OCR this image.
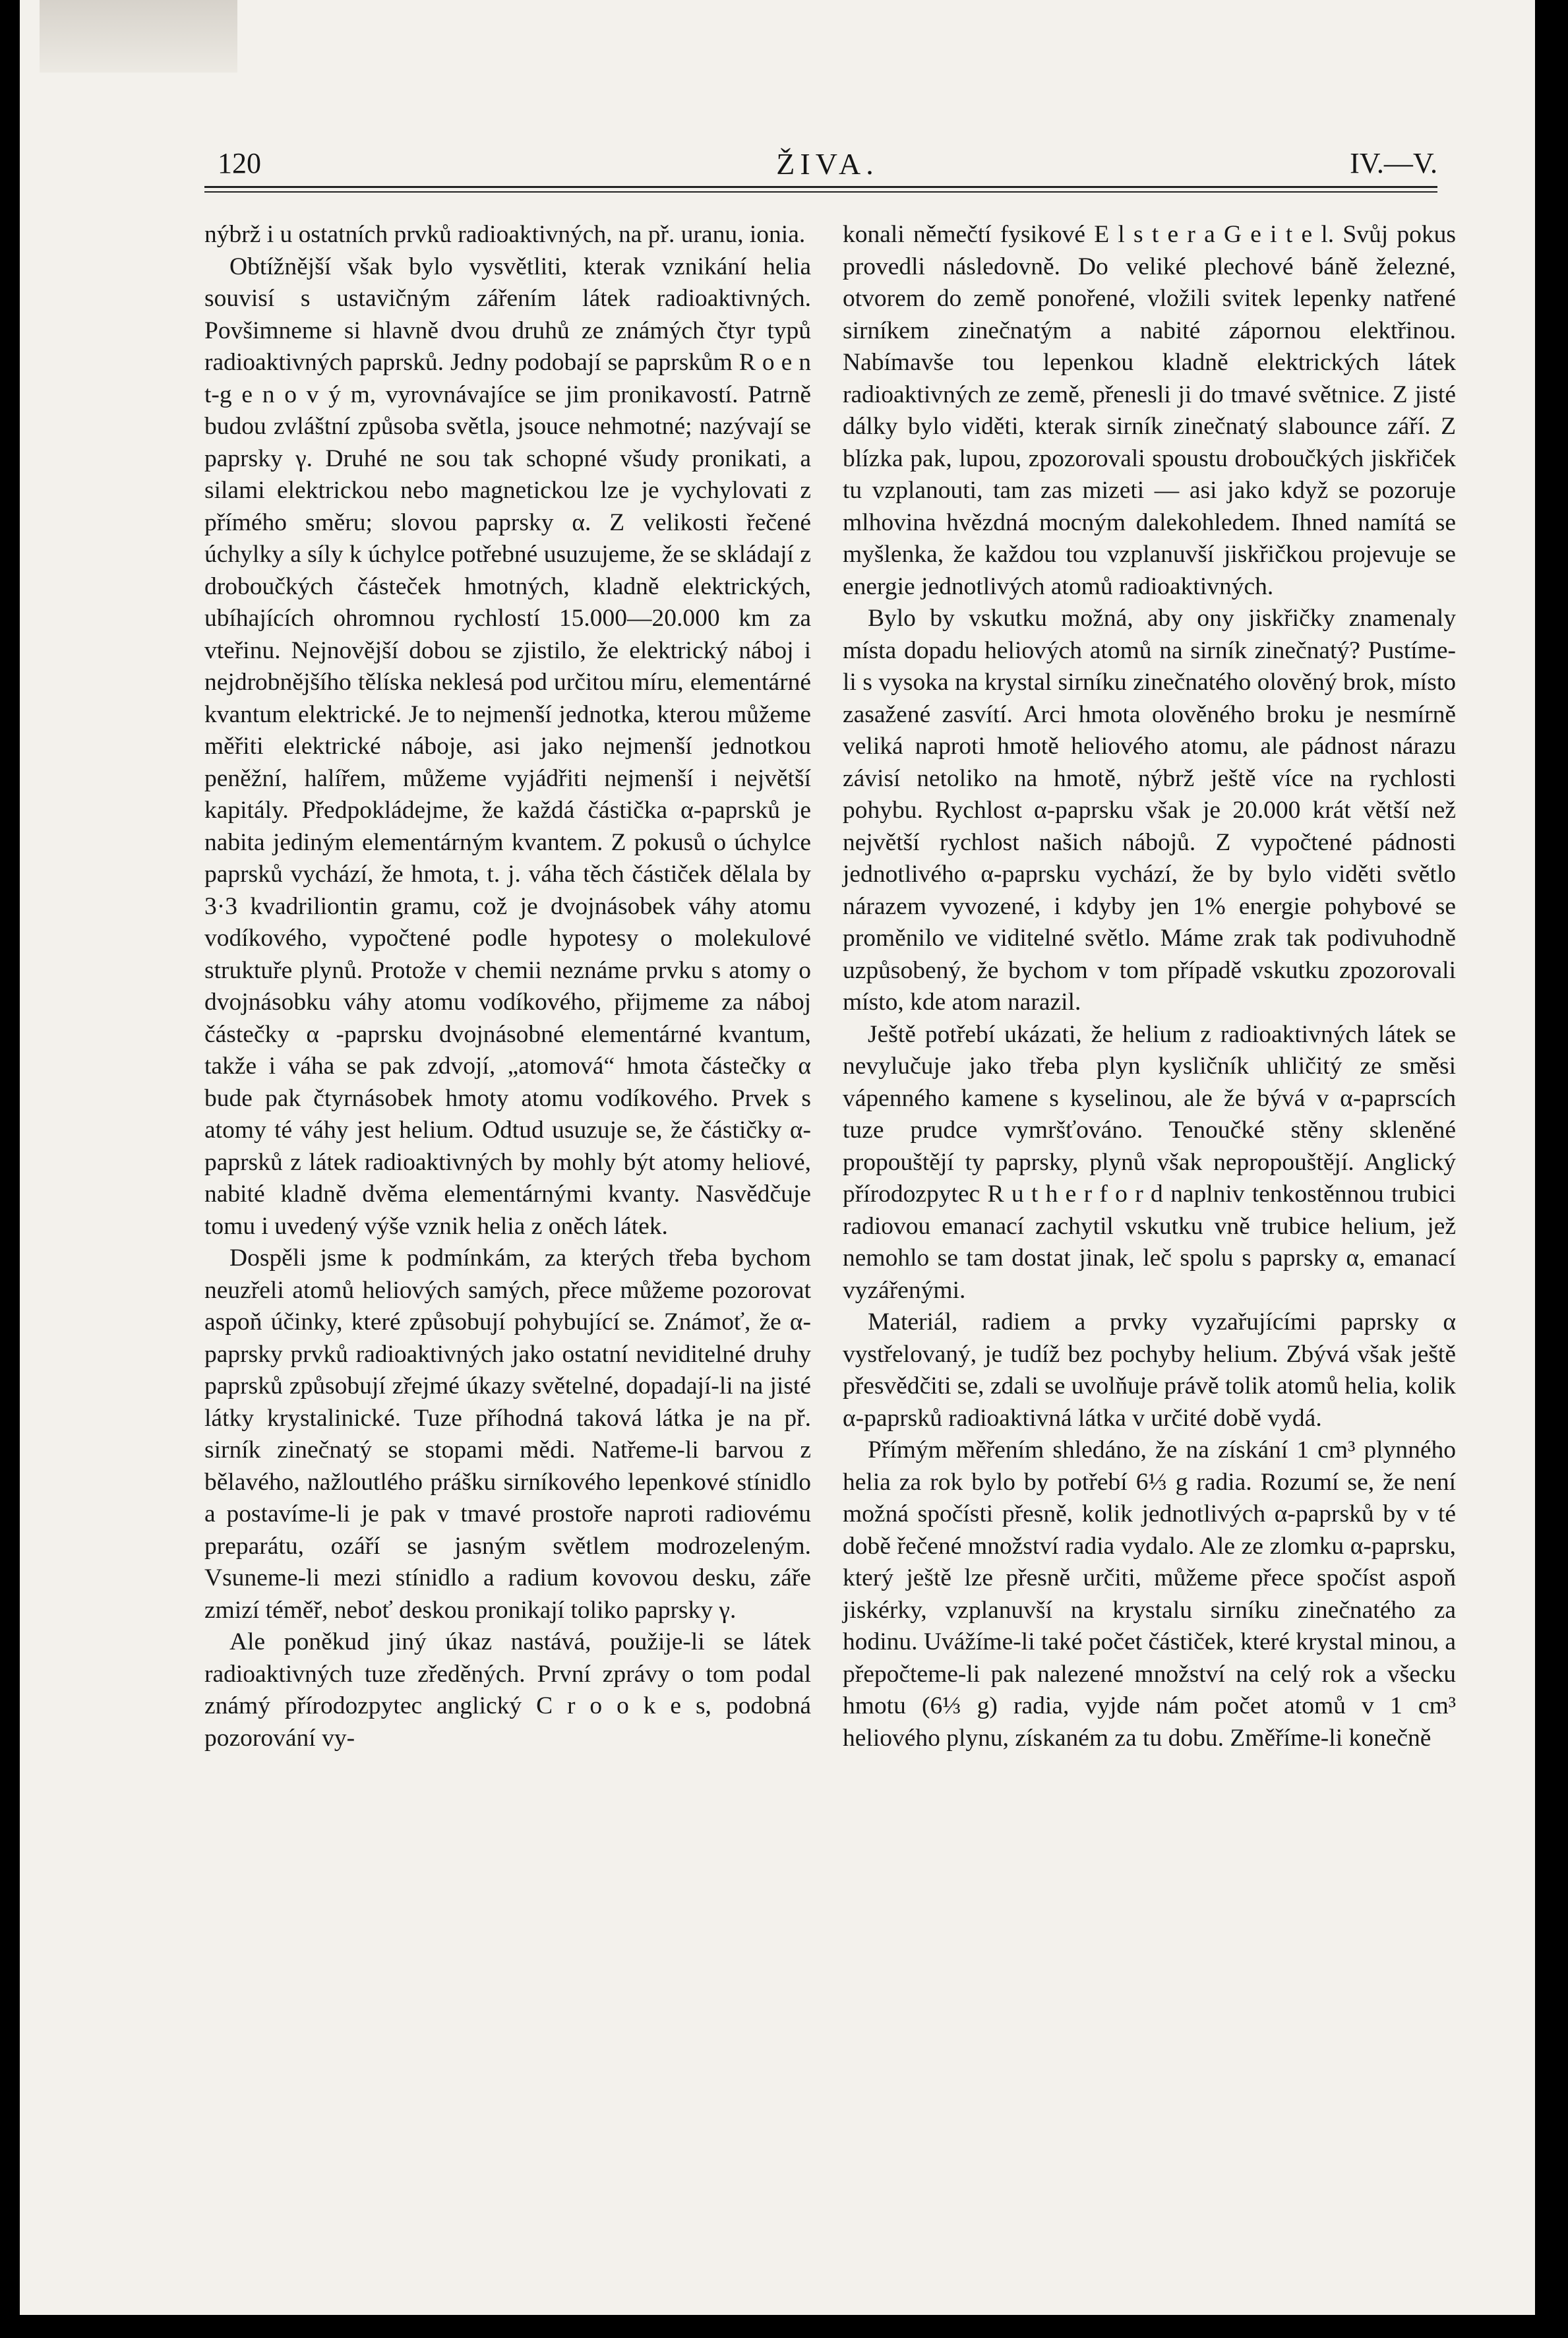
120	ŽIVA.	IV.—V.

nýbrž i u ostatních prvků radioaktivných, na př. uranu, ionia.

Obtížnější však bylo vysvětliti, kterak vznikání helia souvisí s ustavičným zářením látek radioaktivných. Povšimneme si hlavně dvou druhů ze známých čtyr typů radioaktivných paprsků. Jedny podobají se paprskům R o e n t-g e n o v ý m, vyrovnávajíce se jim pronikavostí. Patrně budou zvláštní způsoba světla, jsouce nehmotné; nazývají se paprsky γ. Druhé ne sou tak schopné všudy pronikati, a silami elektrickou nebo magnetickou lze je vychylovati z přímého směru; slovou paprsky α. Z velikosti řečené úchylky a síly k úchylce potřebné usuzujeme, že se skládají z droboučkých částeček hmotných, kladně elektrických, ubíhajících ohromnou rychlostí 15.000—20.000 km za vteřinu. Nejnovější dobou se zjistilo, že elektrický náboj i nejdrobnějšího tělíska neklesá pod určitou míru, elementárné kvantum elektrické. Je to nejmenší jednotka, kterou můžeme měřiti elektrické náboje, asi jako nejmenší jednotkou peněžní, halířem, můžeme vyjádřiti nejmenší i největší kapitály. Předpokládejme, že každá částička α-paprsků je nabita jediným elementárným kvantem. Z pokusů o úchylce paprsků vychází, že hmota, t. j. váha těch částiček dělala by 3·3 kvadriliontin gramu, což je dvojnásobek váhy atomu vodíkového, vypočtené podle hypotesy o molekulové struktuře plynů. Protože v chemii neznáme prvku s atomy o dvojnásobku váhy atomu vodíkového, přijmeme za náboj částečky α -paprsku dvojnásobné elementárné kvantum, takže i váha se pak zdvojí, „atomová“ hmota částečky α bude pak čtyrnásobek hmoty atomu vodíkového. Prvek s atomy té váhy jest helium. Odtud usuzuje se, že částičky α-paprsků z látek radioaktivných by mohly být atomy heliové, nabité kladně dvěma elementárnými kvanty. Nasvědčuje tomu i uvedený výše vznik helia z oněch látek.

Dospěli jsme k podmínkám, za kterých třeba bychom neuzřeli atomů heliových samých, přece můžeme pozorovat aspoň účinky, které způsobují pohybující se. Známoť, že α-paprsky prvků radioaktivných jako ostatní neviditelné druhy paprsků způsobují zřejmé úkazy světelné, dopadají-li na jisté látky krystalinické. Tuze příhodná taková látka je na př. sirník zinečnatý se stopami mědi. Natřeme-li barvou z bělavého, nažloutlého prášku sirníkového lepenkové stínidlo a postavíme-li je pak v tmavé prostoře naproti radiovému preparátu, ozáří se jasným světlem modrozeleným. Vsuneme-li mezi stínidlo a radium kovovou desku, záře zmizí téměř, neboť deskou pronikají toliko paprsky γ.

Ale poněkud jiný úkaz nastává, použije-li se látek radioaktivných tuze zředěných. První zprávy o tom podal známý přírodozpytec anglický C r o o k e s, podobná pozorování vy-

konali němečtí fysikové E l s t e r a G e i t e l. Svůj pokus provedli následovně. Do veliké plechové báně železné, otvorem do země ponořené, vložili svitek lepenky natřené sirníkem zinečnatým a nabité zápornou elektřinou. Nabímavše tou lepenkou kladně elektrických látek radioaktivných ze země, přenesli ji do tmavé světnice. Z jisté dálky bylo viděti, kterak sirník zinečnatý slabounce září. Z blízka pak, lupou, zpozorovali spoustu droboučkých jiskřiček tu vzplanouti, tam zas mizeti — asi jako když se pozoruje mlhovina hvězdná mocným dalekohledem. Ihned namítá se myšlenka, že každou tou vzplanuvší jiskřičkou projevuje se energie jednotlivých atomů radioaktivných.

Bylo by vskutku možná, aby ony jiskřičky znamenaly místa dopadu heliových atomů na sirník zinečnatý? Pustíme-li s vysoka na krystal sirníku zinečnatého olověný brok, místo zasažené zasvítí. Arci hmota olověného broku je nesmírně veliká naproti hmotě heliového atomu, ale pádnost nárazu závisí netoliko na hmotě, nýbrž ještě více na rychlosti pohybu. Rychlost α-paprsku však je 20.000 krát větší než největší rychlost našich nábojů. Z vypočtené pádnosti jednotlivého α-paprsku vychází, že by bylo viděti světlo nárazem vyvozené, i kdyby jen 1% energie pohybové se proměnilo ve viditelné světlo. Máme zrak tak podivuhodně uzpůsobený, že bychom v tom případě vskutku zpozorovali místo, kde atom narazil.

Ještě potřebí ukázati, že helium z radioaktivných látek se nevylučuje jako třeba plyn kysličník uhličitý ze směsi vápenného kamene s kyselinou, ale že bývá v α-paprscích tuze prudce vymršťováno. Tenoučké stěny skleněné propouštějí ty paprsky, plynů však nepropouštějí. Anglický přírodozpytec R u t h e r f o r d naplniv tenkostěnnou trubici radiovou emanací zachytil vskutku vně trubice helium, jež nemohlo se tam dostat jinak, leč spolu s paprsky α, emanací vyzářenými.

Materiál, radiem a prvky vyzařujícími paprsky α vystřelovaný, je tudíž bez pochyby helium. Zbývá však ještě přesvědčiti se, zdali se uvolňuje právě tolik atomů helia, kolik α-paprsků radioaktivná látka v určité době vydá.

Přímým měřením shledáno, že na získání 1 cm³ plynného helia za rok bylo by potřebí 6⅓ g radia. Rozumí se, že není možná spočísti přesně, kolik jednotlivých α-paprsků by v té době řečené množství radia vydalo. Ale ze zlomku α-paprsku, který ještě lze přesně určiti, můžeme přece spočíst aspoň jiskérky, vzplanuvší na krystalu sirníku zinečnatého za hodinu. Uvážíme-li také počet částiček, které krystal minou, a přepočteme-li pak nalezené množství na celý rok a všecku hmotu (6⅓ g) radia, vyjde nám počet atomů v 1 cm³ heliového plynu, získaném za tu dobu. Změříme-li konečně
